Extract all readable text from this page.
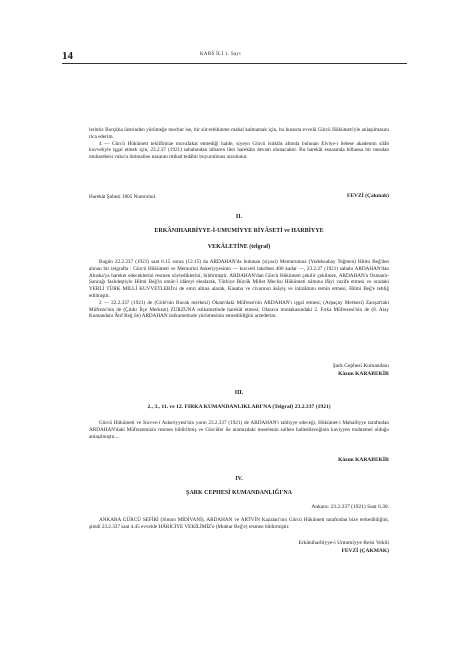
14	KARS İLİ 1. Sayı

lerimiz Borçkha üzerinden yürümeğe mecbur ise, bir süt-tebihinme mahal kalmamak için, bu hususta evvelâ Gürcü Hükümeti'yle anlaşılmasını rica ederim.

4 — Gürcü Hükümeti teklifimize muvafakat etmediği halde, siyeyn Gürcü istiklâs altında bulunan Elviye-i Selese akademin silâh kuvvetiyle işgal etmek için, 23.2.37 (1921) sabahından itibaren ileri harekâta devam olunacaktır. Bu harekât esnasında bilhassa bir mesdan muharebesi vuku'u ihtimaline nazaran ittihad tedâbir buyurulması arzolunur.

Harekât Şubesi 1805 Numrolud.	FEVZİ (Çakmak)
II.
ERKÂNIHARBİYYE-İ-UMUMİYYE RİYÂSETİ ve HARBİYYE
VEKÂLETİNE (telgraf)

Bugün 22.2.337 (1921) saat 6.15 sonra (12.15) da ARDAHAN'da bulunan (siyasi) Memurumuz (Yedeksubay Teğmen) Hilmi Beğ'den alınan bir telgrafta : Gürcü Hükümeti ve Memurini Askeriyyesinin — kuvveti takriben 400 kadar —, 23.2.37 (1921) sabahı ARDAHAN'dan Ahıska'ya hareket edeceklerini resmen söylediklerini, bildirmiştir. ARDAHAN'dan Gürcü Hükümeti çekilir çekilmez, ARDAHAN'a Osmanlı-Sancağı faslıdeştiyle Hilmi Beğ'in umûr-î idâreyi elealarak, Türkiye Büyük Millet Meclisi Hükümeti nâmına ifâyi vazife etmesi ve oradaki YERLİ TÜRK MİLLİ KUVVETLERİ'ni de emri altına alarak, Kasaba ve civarının âsâyiş ve intizâmını temin etmesi, Hilmi Beğ'e tebliğ edilmiştir.

2 — 22.2.337 (1921) de (Göle'nin Bucak merkezi) Okam'daki Müfreze'nin ARDAHAN'ı işgal etmesi; (Arpaçay Merkezi) Zarışat'taki Müfreze'nin de (Çıldır İlçe Merkezi) ZURZUNA istikametinde harekât etmesi; Olarava mıntakasındaki 2. Fırka Müfrezesi'nin de (8. Alay Kumandanı Âtıf Beğ ile) ARDAHAN istikametinde yürümesinin emredildiğini arzederim.

Şark Cephesi Kumandanı
Kâzım KARABEKİR
III.
2., 3., 11. ve 12. FIRKA KUMANDANLIKLARI'NA (Telgraf) 23.2.337 (1921)

Gürcü Hükümeti ve Kuvve-i Askeriyyesi'nin yarın 23.2.337 (1921) de ARDAHAN'ı tahliyye edeceği, Hükümet-i Mahalliyye tarafından ARDAHAN'daki Müfrezemizin resmen bildirilmiş ve Gürcüler ile aramızdaki meselenin sulhen halledileceğinin kaviyyen muhtemel olduğu anlaşılmıştır....

Kâzım KARABEKİR
IV.
ŞARK CEPHESİ KUMANDANLIĞI'NA
Ankara: 23.2.337 (1921) Saat 6.30.

ANKARA GÜRCÜ SEFİRİ (Simon MİDİVANİ), ARDAHAN ve ARTVİN Kazaları'nın Gürcü Hükümeti tarafından bize terkedildiğini, şimdi 23.2.337 saat 4.45 evvelde HÂRİCİYE VEKİLİMİZ'e (Muhtar Beğ'e) resmen bildirmiştir.

Erkâniharbiyye-i Umumiyye Reisi Vekili
FEVZİ (ÇAKMAK)
